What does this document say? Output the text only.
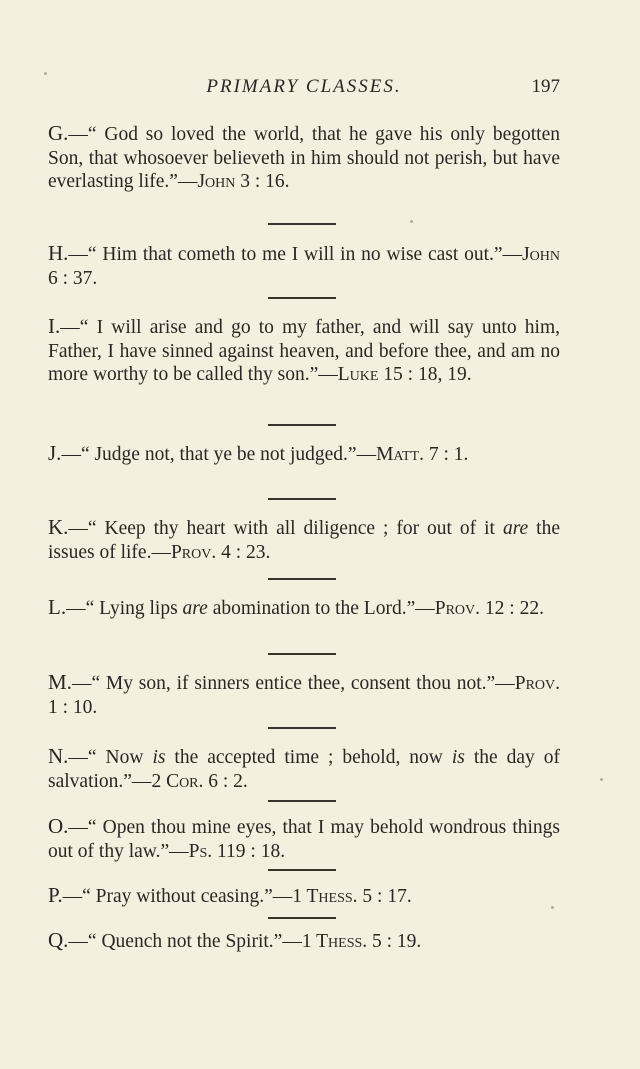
PRIMARY CLASSES.	197
G.—“ God so loved the world, that he gave his only begotten Son, that whosoever believeth in him should not perish, but have everlasting life.”—John 3 : 16.
H.—“ Him that cometh to me I will in no wise cast out.”—John 6 : 37.
I.—“ I will arise and go to my father, and will say unto him, Father, I have sinned against heaven, and before thee, and am no more worthy to be called thy son.”—Luke 15 : 18, 19.
J.—“ Judge not, that ye be not judged.”—Matt. 7 : 1.
K.—“ Keep thy heart with all diligence ; for out of it are the issues of life.—Prov. 4 : 23.
L.—“ Lying lips are abomination to the Lord.”—Prov. 12 : 22.
M.—“ My son, if sinners entice thee, consent thou not.”—Prov. 1 : 10.
N.—“ Now is the accepted time ; behold, now is the day of salvation.”—2 Cor. 6 : 2.
O.—“ Open thou mine eyes, that I may behold wondrous things out of thy law.”—Ps. 119 : 18.
P.—“ Pray without ceasing.”—1 Thess. 5 : 17.
Q.—“ Quench not the Spirit.”—1 Thess. 5 : 19.
